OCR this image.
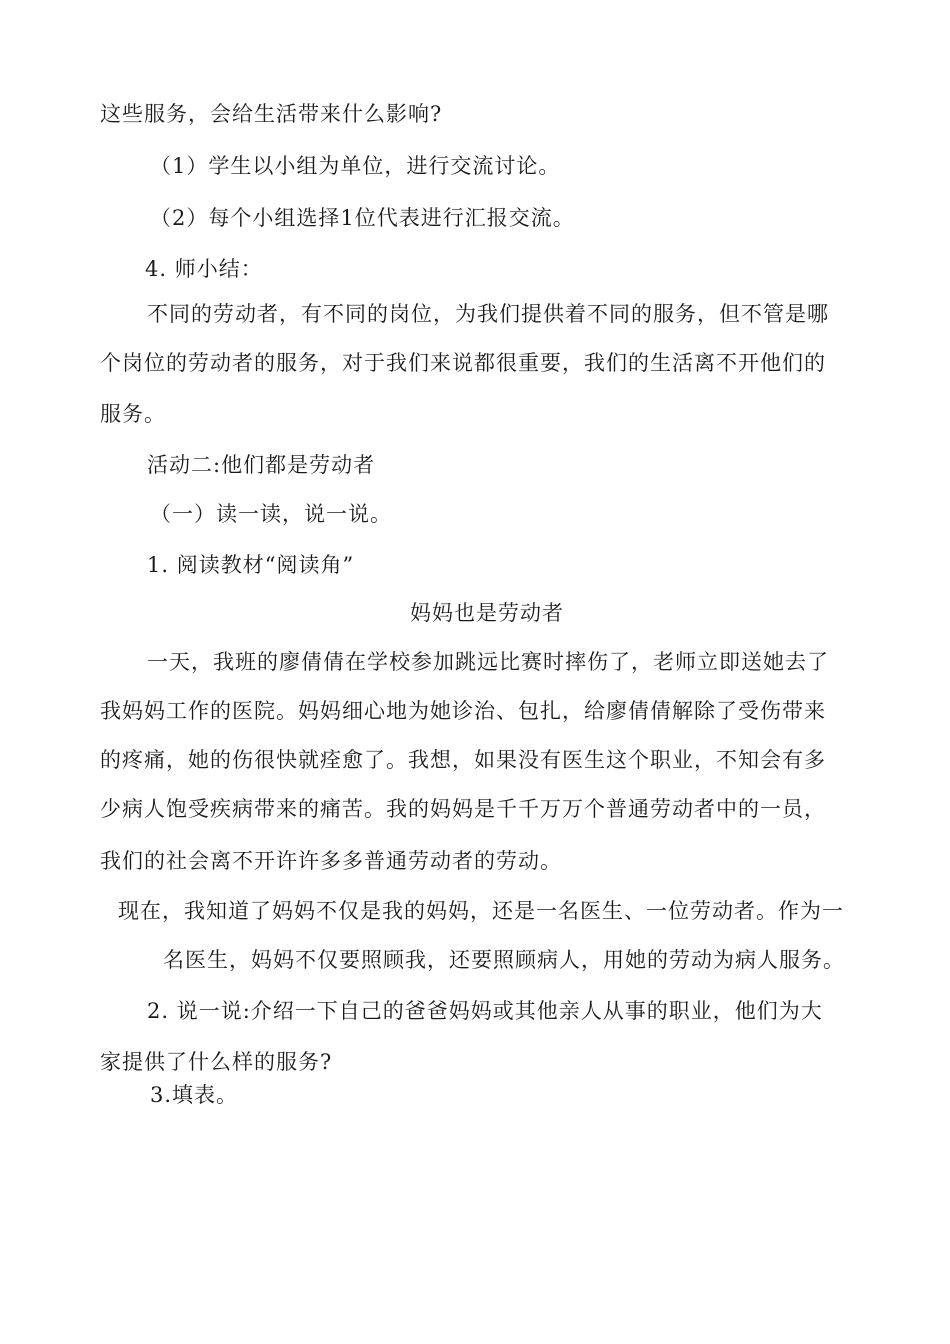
这些服务，会给生活带来什么影响?
（1）学生以小组为单位，进行交流讨论。
（2）每个小组选择1位代表进行汇报交流。
4. 师小结：
不同的劳动者，有不同的岗位，为我们提供着不同的服务，但不管是哪
个岗位的劳动者的服务，对于我们来说都很重要，我们的生活离不开他们的
服务。
活动二:他们都是劳动者
（一）读一读，说一说。
1. 阅读教材“阅读角”
妈妈也是劳动者
一天，我班的廖倩倩在学校参加跳远比赛时摔伤了，老师立即送她去了
我妈妈工作的医院。妈妈细心地为她诊治、包扎，给廖倩倩解除了受伤带来
的疼痛，她的伤很快就痊愈了。我想，如果没有医生这个职业，不知会有多
少病人饱受疾病带来的痛苦。我的妈妈是千千万万个普通劳动者中的一员，
我们的社会离不开许许多多普通劳动者的劳动。
现在，我知道了妈妈不仅是我的妈妈，还是一名医生、一位劳动者。作为一
名医生，妈妈不仅要照顾我，还要照顾病人，用她的劳动为病人服务。
2. 说一说:介绍一下自己的爸爸妈妈或其他亲人从事的职业，他们为大
家提供了什么样的服务?
3.填表。
